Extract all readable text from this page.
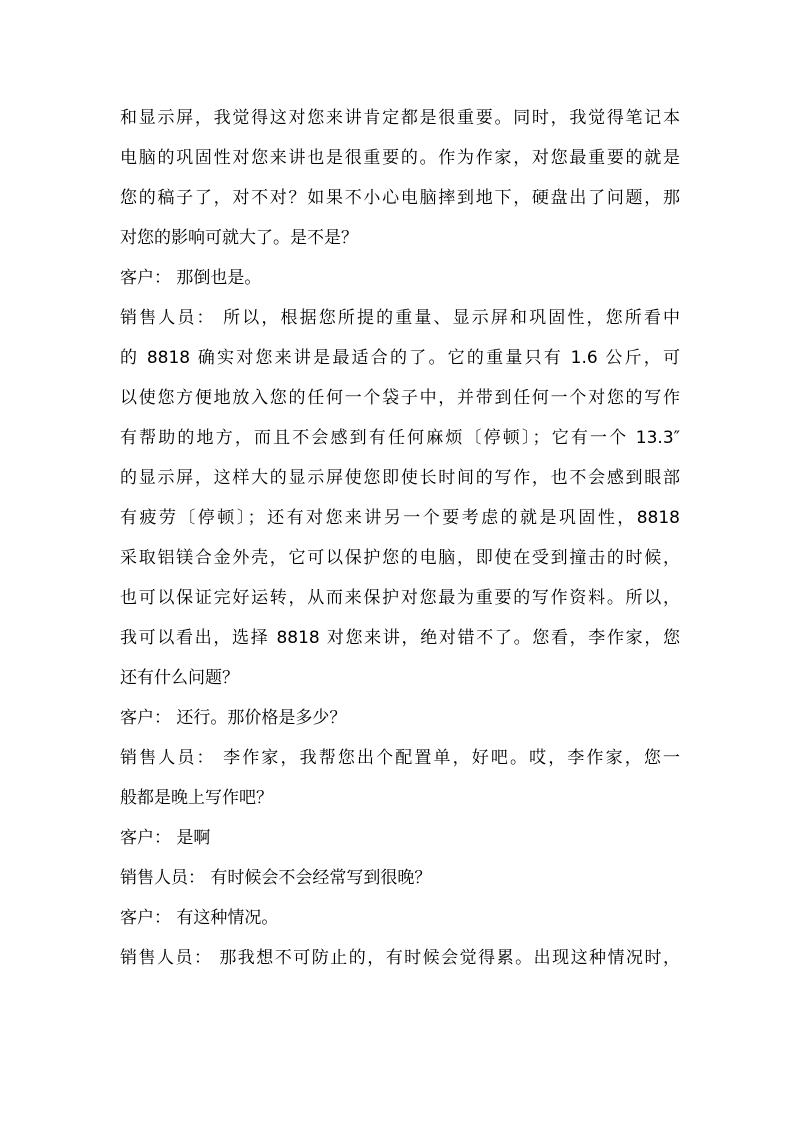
和显示屏，我觉得这对您来讲肯定都是很重要。同时，我觉得笔记本
电脑的巩固性对您来讲也是很重要的。作为作家，对您最重要的就是
您的稿子了，对不对？如果不小心电脑摔到地下，硬盘出了问题，那
对您的影响可就大了。是不是？
客户： 那倒也是。
销售人员： 所以，根据您所提的重量、显示屏和巩固性，您所看中
的 8818 确实对您来讲是最适合的了。它的重量只有 1.6 公斤，可
以使您方便地放入您的任何一个袋子中，并带到任何一个对您的写作
有帮助的地方，而且不会感到有任何麻烦〔停顿〕；它有一个 13.3″
的显示屏，这样大的显示屏使您即使长时间的写作，也不会感到眼部
有疲劳〔停顿〕；还有对您来讲另一个要考虑的就是巩固性，8818
采取铝镁合金外壳，它可以保护您的电脑，即使在受到撞击的时候，
也可以保证完好运转，从而来保护对您最为重要的写作资料。所以，
我可以看出，选择 8818 对您来讲，绝对错不了。您看，李作家，您
还有什么问题？
客户： 还行。那价格是多少？
销售人员： 李作家，我帮您出个配置单，好吧。哎，李作家，您一
般都是晚上写作吧？
客户： 是啊
销售人员： 有时候会不会经常写到很晚？
客户： 有这种情况。
销售人员： 那我想不可防止的，有时候会觉得累。出现这种情况时，
